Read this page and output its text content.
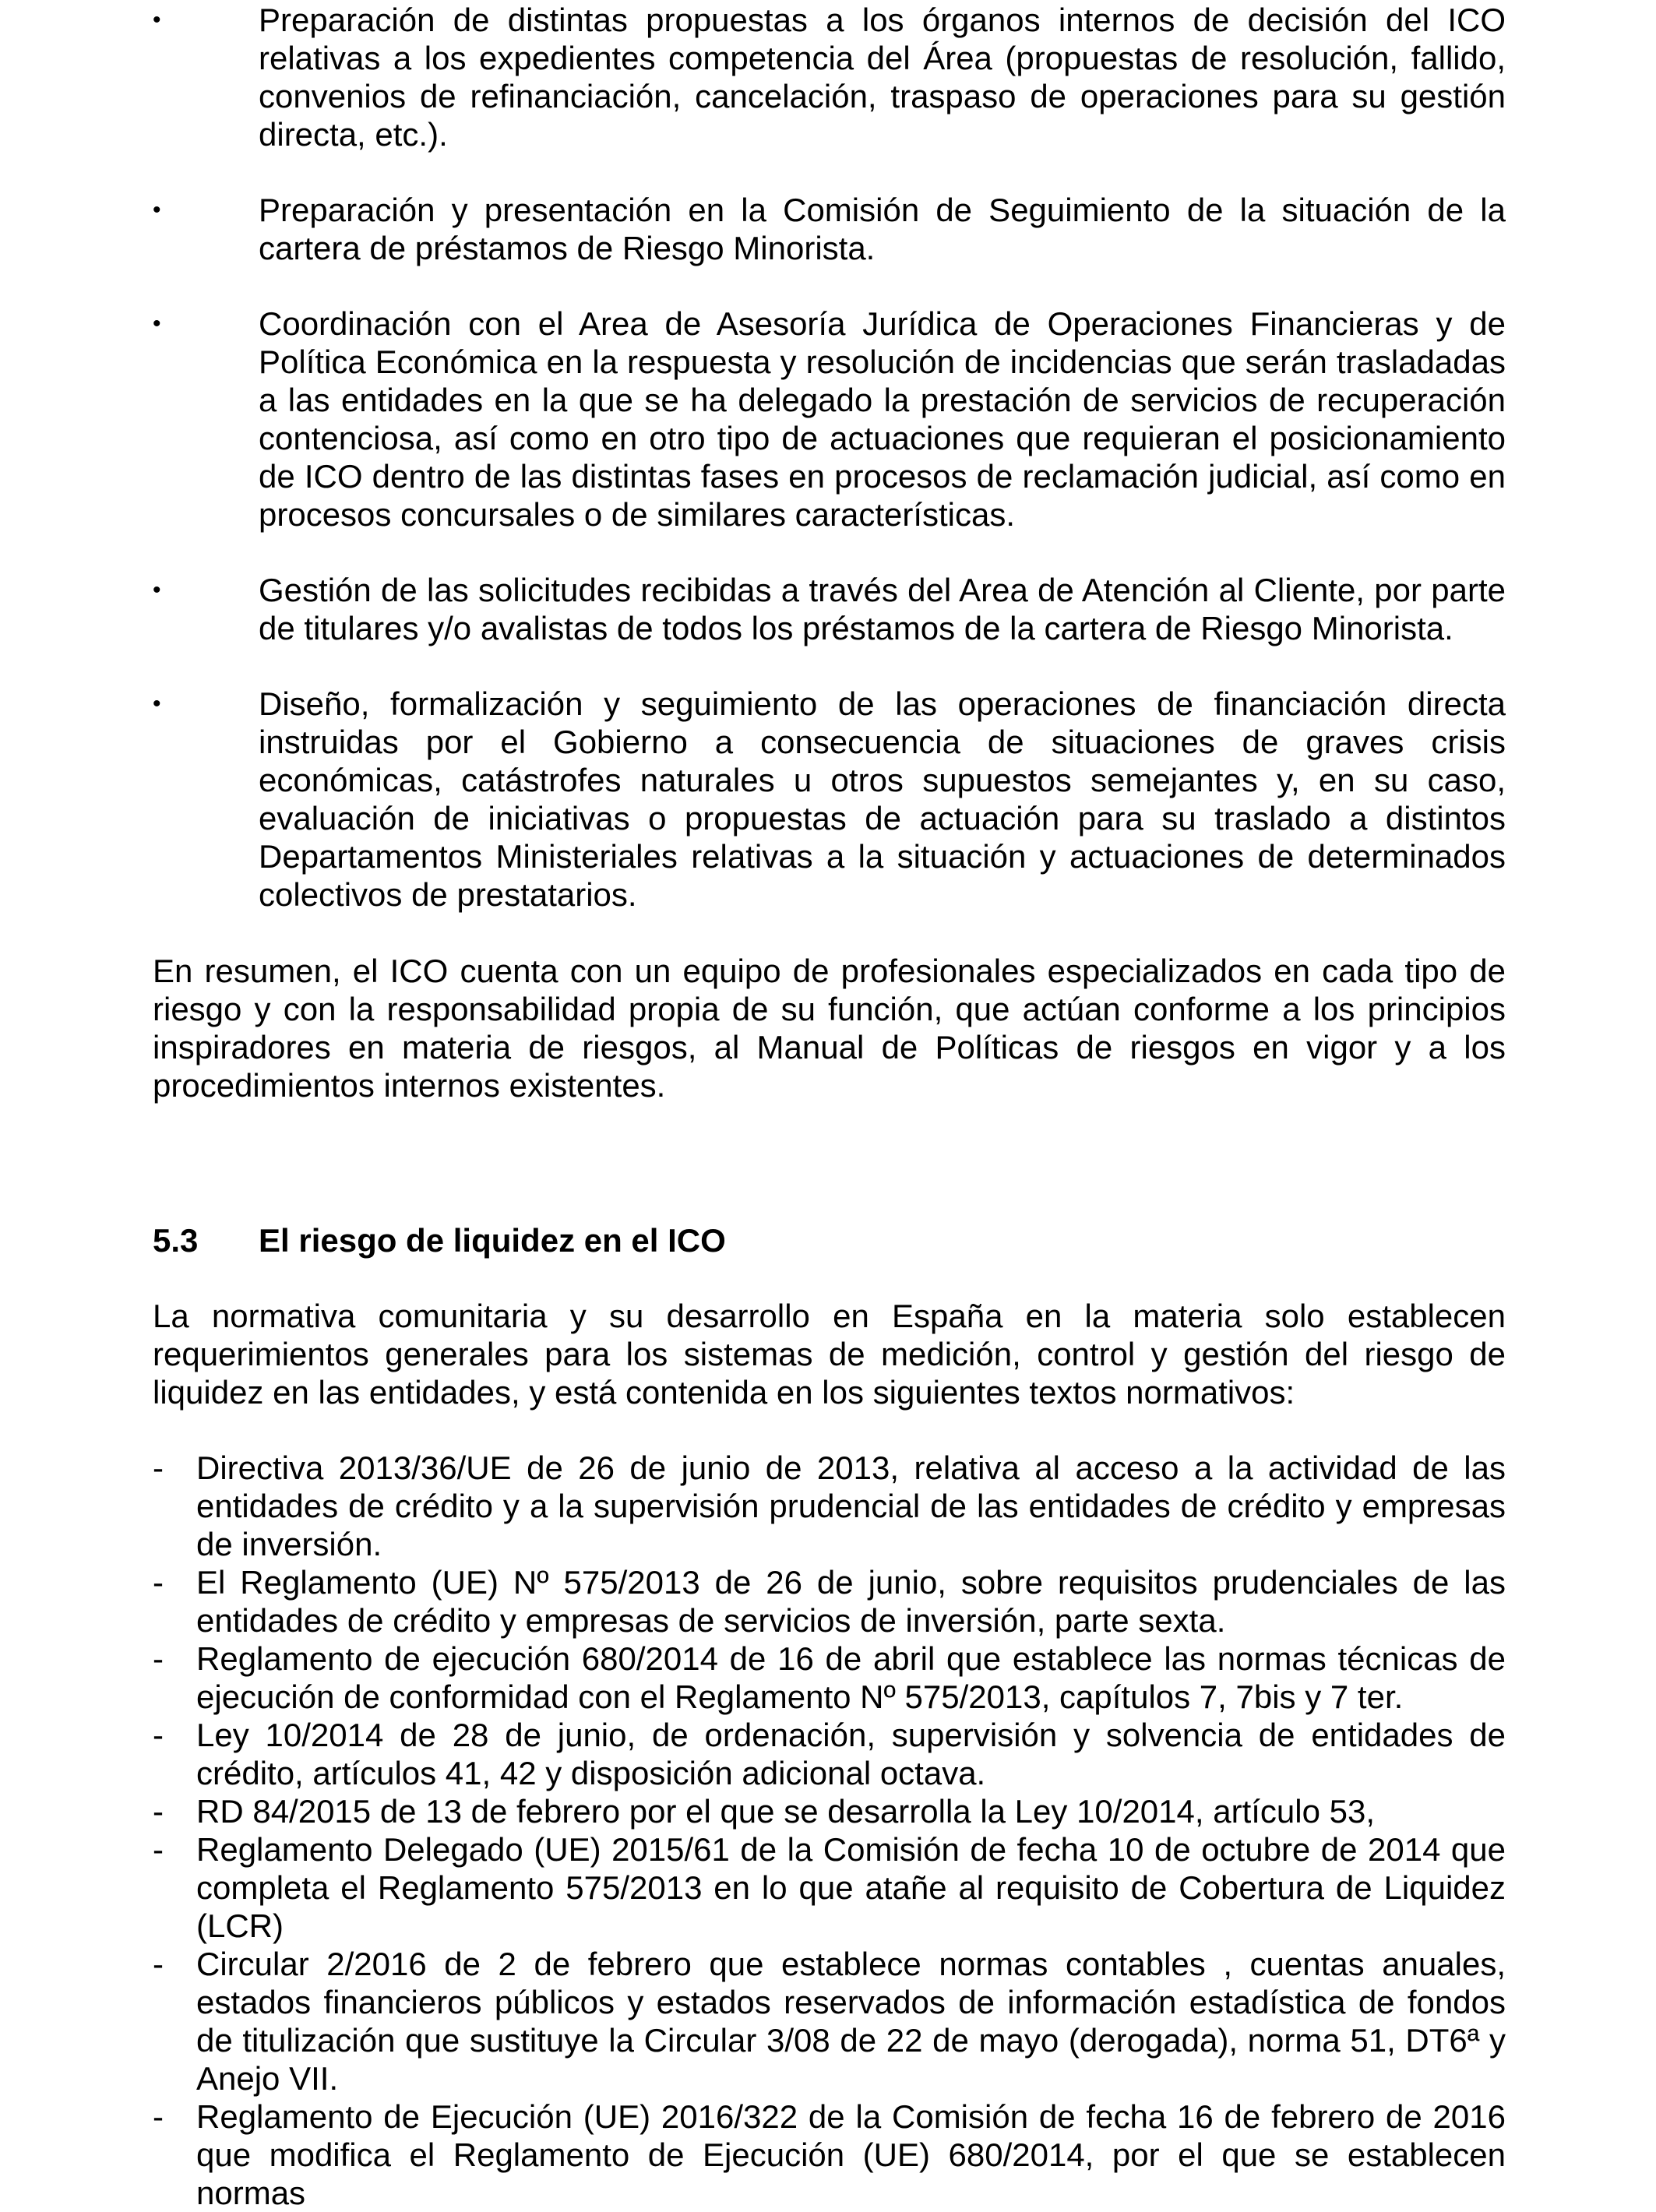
•	Preparación de distintas propuestas a los órganos internos de decisión del ICO relativas a los expedientes competencia del Área (propuestas de resolución, fallido, convenios de refinanciación, cancelación, traspaso de operaciones para su gestión directa, etc.).
•	Preparación y presentación en la Comisión de Seguimiento de la situación de la cartera de préstamos de Riesgo Minorista.
•	Coordinación con el Area de Asesoría Jurídica de Operaciones Financieras y de Política Económica en la respuesta y resolución de incidencias que serán trasladadas a las entidades en la que se ha delegado la prestación de servicios de recuperación contenciosa, así como en otro tipo de actuaciones que requieran el posicionamiento de ICO dentro de las distintas fases en procesos de reclamación judicial, así como en procesos concursales o de similares características.
•	Gestión de las solicitudes recibidas a través del Area de Atención al Cliente, por parte de titulares y/o avalistas de todos los préstamos de la cartera de Riesgo Minorista.
•	Diseño, formalización y seguimiento de las operaciones de financiación directa instruidas por el Gobierno a consecuencia de situaciones de graves crisis económicas, catástrofes naturales u otros supuestos semejantes y, en su caso, evaluación de iniciativas o propuestas de actuación para su traslado a distintos Departamentos Ministeriales relativas a la situación y actuaciones de determinados colectivos de prestatarios.

En resumen, el ICO cuenta con un equipo de profesionales especializados en cada tipo de riesgo y con la responsabilidad propia de su función, que actúan conforme a los principios inspiradores en materia de riesgos, al Manual de Políticas de riesgos en vigor y a los procedimientos internos existentes.

5.3	El riesgo de liquidez en el ICO

La normativa comunitaria y su desarrollo en España en la materia solo establecen requerimientos generales para los sistemas de medición, control y gestión del riesgo de liquidez en las entidades, y está contenida en los siguientes textos normativos:

- Directiva 2013/36/UE de 26 de junio de 2013, relativa al acceso a la actividad de las entidades de crédito y a la supervisión prudencial de las entidades de crédito y empresas de inversión.
- El Reglamento (UE) Nº 575/2013 de 26 de junio, sobre requisitos prudenciales de las entidades de crédito y empresas de servicios de inversión, parte sexta.
- Reglamento de ejecución 680/2014 de 16 de abril que establece las normas técnicas de ejecución de conformidad con el Reglamento Nº 575/2013, capítulos 7, 7bis y 7 ter.
- Ley 10/2014 de 28 de junio, de ordenación, supervisión y solvencia de entidades de crédito, artículos 41, 42 y disposición adicional octava.
- RD 84/2015 de 13 de febrero por el que se desarrolla la Ley 10/2014, artículo 53,
- Reglamento Delegado (UE) 2015/61 de la Comisión de fecha 10 de octubre de 2014 que completa el Reglamento 575/2013 en lo que atañe al requisito de Cobertura de Liquidez (LCR)
- Circular 2/2016 de 2 de febrero que establece normas contables , cuentas anuales, estados financieros públicos y estados reservados de información estadística de fondos de titulización que sustituye la Circular 3/08 de 22 de mayo (derogada), norma 51, DT6ª y Anejo VII.
- Reglamento de Ejecución (UE) 2016/322 de la Comisión de fecha 16 de febrero de 2016 que modifica el Reglamento de Ejecución (UE) 680/2014, por el que se establecen normas
